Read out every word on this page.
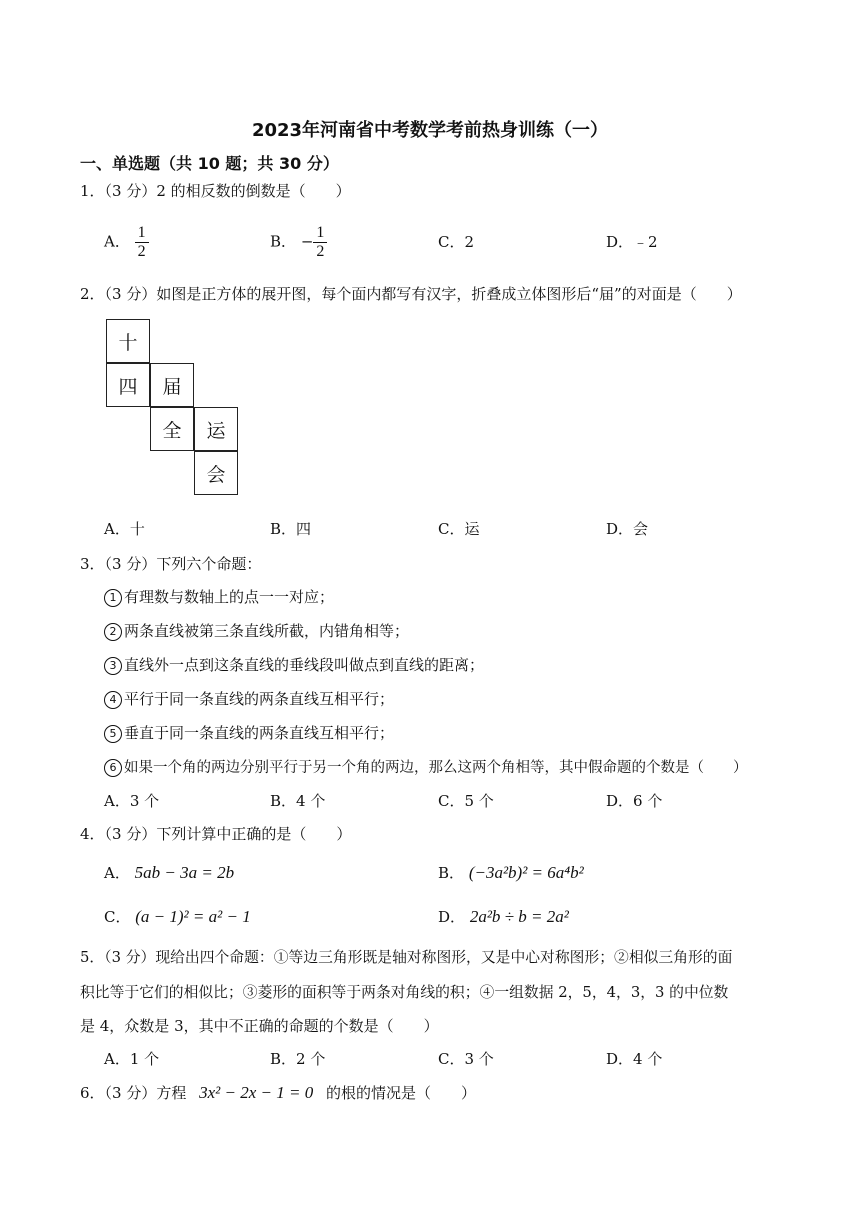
2023年河南省中考数学考前热身训练（一）
一、单选题（共 10 题；共 30 分）
1．（3 分）2 的相反数的倒数是（　　）
A． $\frac{1}{2}$	B． − $\frac{1}{2}$	C．2	D．﹣2
2．（3 分）如图是正方体的展开图，每个面内都写有汉字，折叠成立体图形后“届”的对面是（　　）
十
四	届
全	运
会
A．十	B．四	C．运	D．会
3．（3 分）下列六个命题：
1 有理数与数轴上的点一一对应；
2 两条直线被第三条直线所截，内错角相等；
3 直线外一点到这条直线的垂线段叫做点到直线的距离；
4 平行于同一条直线的两条直线互相平行；
5 垂直于同一条直线的两条直线互相平行；
6 如果一个角的两边分别平行于另一个角的两边，那么这两个角相等，其中假命题的个数是（　　）
A．3 个	B．4 个	C．5 个	D．6 个
4．（3 分）下列计算中正确的是（　　）
A． 5ab − 3a = 2b	B． (−3a²b)² = 6a⁴b²
C． (a − 1)² = a² − 1	D． 2a²b ÷ b = 2a²
5．（3 分）现给出四个命题：①等边三角形既是轴对称图形，又是中心对称图形；②相似三角形的面
积比等于它们的相似比；③菱形的面积等于两条对角线的积；④一组数据 2，5，4，3，3 的中位数
是 4，众数是 3，其中不正确的命题的个数是（　　）
A．1 个	B．2 个	C．3 个	D．4 个
6．（3 分）方程 3x² − 2x − 1 = 0 的根的情况是（　　）
